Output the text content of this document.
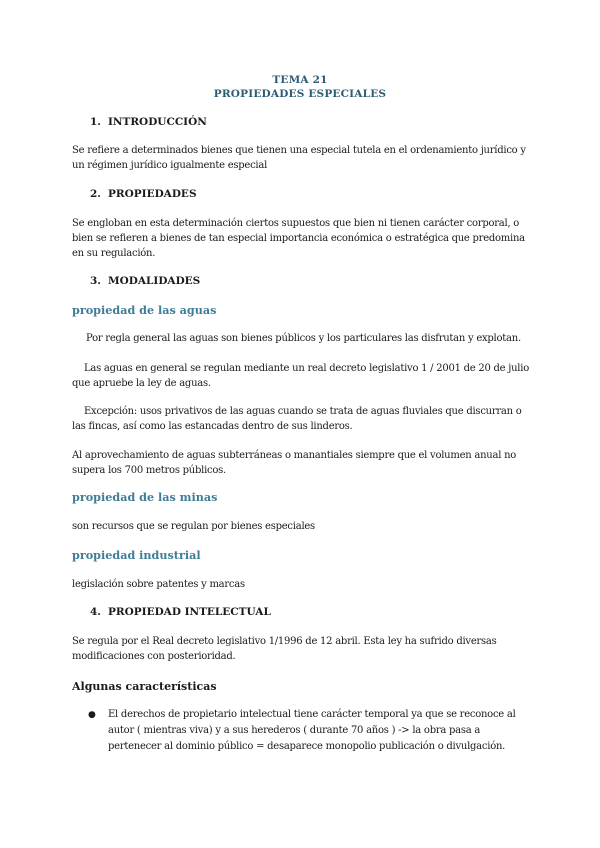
TEMA 21
PROPIEDADES ESPECIALES
1. INTRODUCCIÓN
Se refiere a determinados bienes que tienen una especial tutela en el ordenamiento jurídico y
un régimen jurídico igualmente especial
2. PROPIEDADES
Se engloban en esta determinación ciertos supuestos que bien ni tienen carácter corporal, o
bien se refieren a bienes de tan especial importancia económica o estratégica que predomina
en su regulación.
3. MODALIDADES
propiedad de las aguas
Por regla general las aguas son bienes públicos y los particulares las disfrutan y explotan.
Las aguas en general se regulan mediante un real decreto legislativo 1 / 2001 de 20 de julio
que apruebe la ley de aguas.
Excepción: usos privativos de las aguas cuando se trata de aguas fluviales que discurran o
las fincas, así como las estancadas dentro de sus linderos.
Al aprovechamiento de aguas subterráneas o manantiales siempre que el volumen anual no
supera los 700 metros públicos.
propiedad de las minas
son recursos que se regulan por bienes especiales
propiedad industrial
legislación sobre patentes y marcas
4. PROPIEDAD INTELECTUAL
Se regula por el Real decreto legislativo 1/1996 de 12 abril. Esta ley ha sufrido diversas
modificaciones con posterioridad.
Algunas características
● El derechos de propietario intelectual tiene carácter temporal ya que se reconoce al
autor ( mientras viva) y a sus herederos ( durante 70 años ) -> la obra pasa a
pertenecer al dominio público = desaparece monopolio publicación o divulgación.
